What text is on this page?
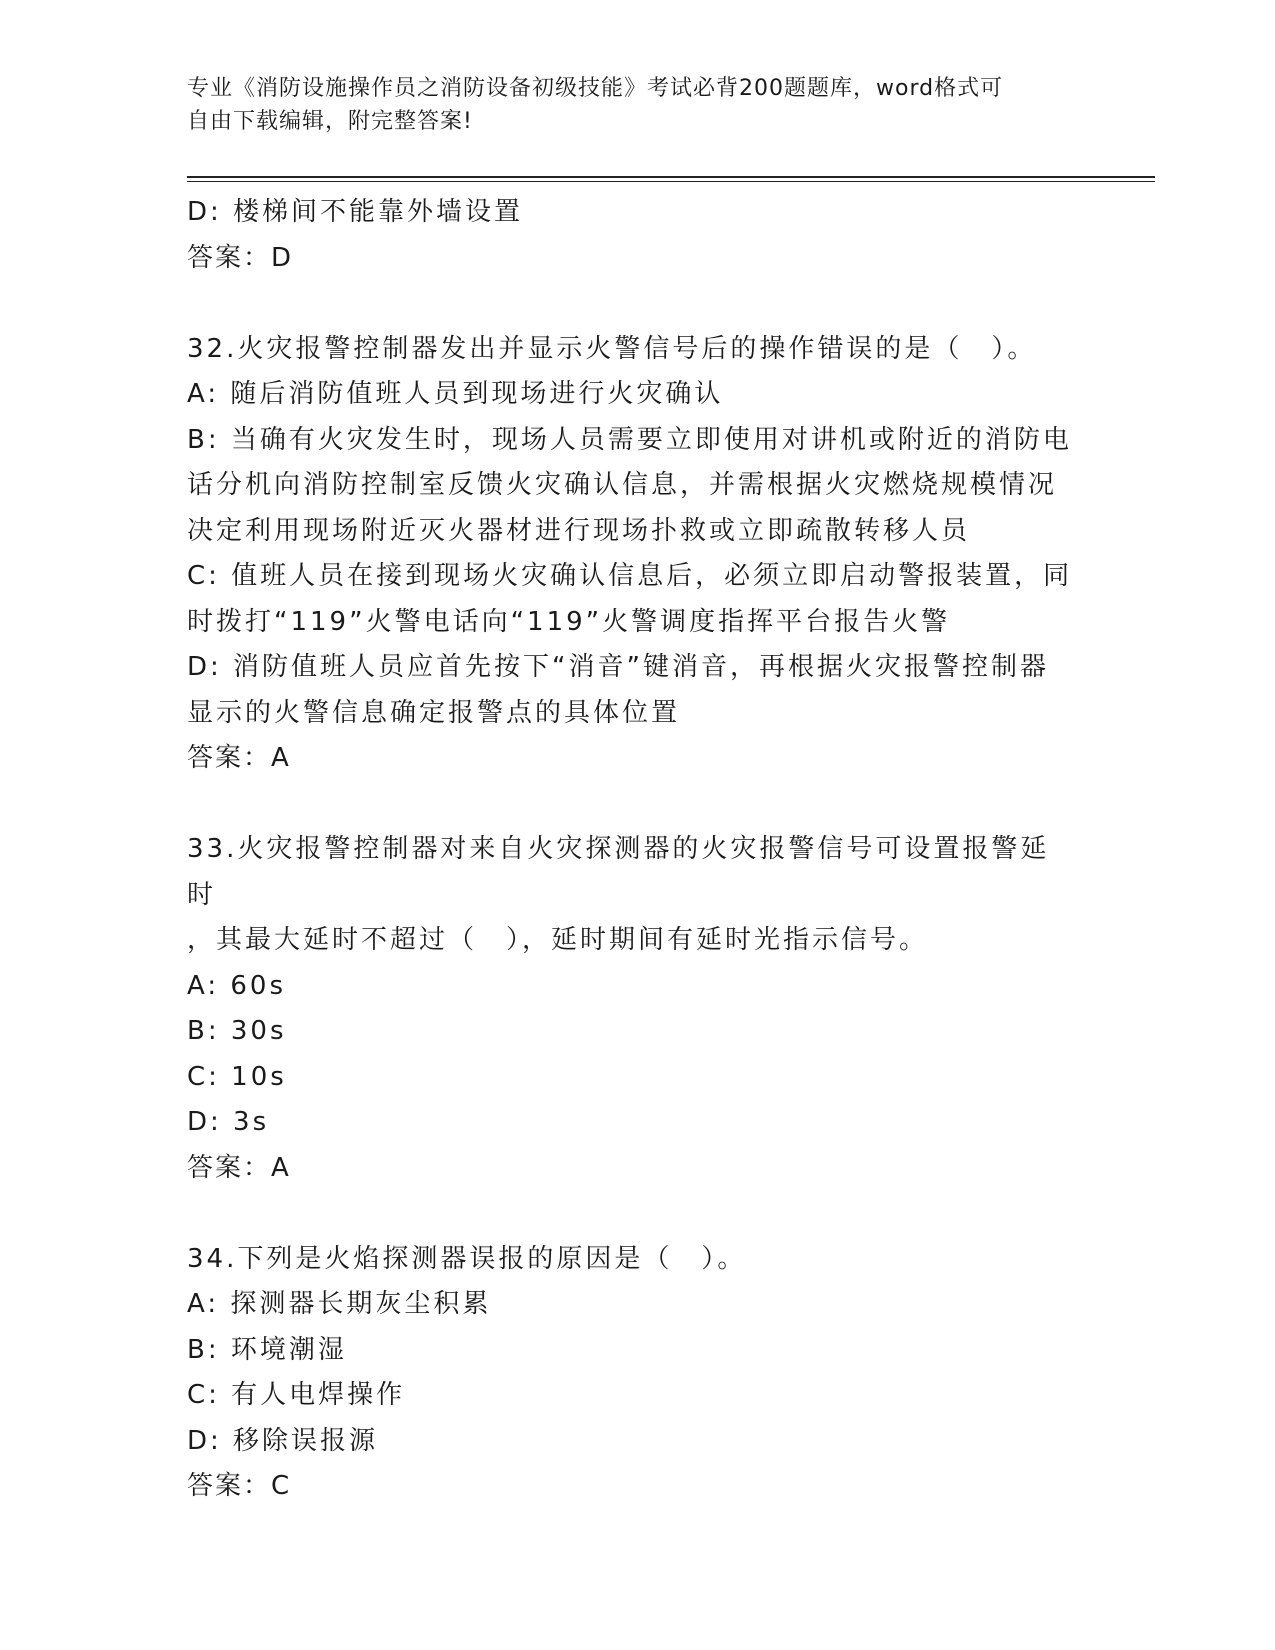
专业《消防设施操作员之消防设备初级技能》考试必背200题题库，word格式可
自由下载编辑，附完整答案!
D: 楼梯间不能靠外墙设置
答案：D
32.火灾报警控制器发出并显示火警信号后的操作错误的是（　）。
A: 随后消防值班人员到现场进行火灾确认
B: 当确有火灾发生时，现场人员需要立即使用对讲机或附近的消防电
话分机向消防控制室反馈火灾确认信息，并需根据火灾燃烧规模情况
决定利用现场附近灭火器材进行现场扑救或立即疏散转移人员
C: 值班人员在接到现场火灾确认信息后，必须立即启动警报装置，同
时拨打“119”火警电话向“119”火警调度指挥平台报告火警
D: 消防值班人员应首先按下“消音”键消音，再根据火灾报警控制器
显示的火警信息确定报警点的具体位置
答案：A
33.火灾报警控制器对来自火灾探测器的火灾报警信号可设置报警延时
，其最大延时不超过（　），延时期间有延时光指示信号。
A: 60s
B: 30s
C: 10s
D: 3s
答案：A
34.下列是火焰探测器误报的原因是（　）。
A: 探测器长期灰尘积累
B: 环境潮湿
C: 有人电焊操作
D: 移除误报源
答案：C
